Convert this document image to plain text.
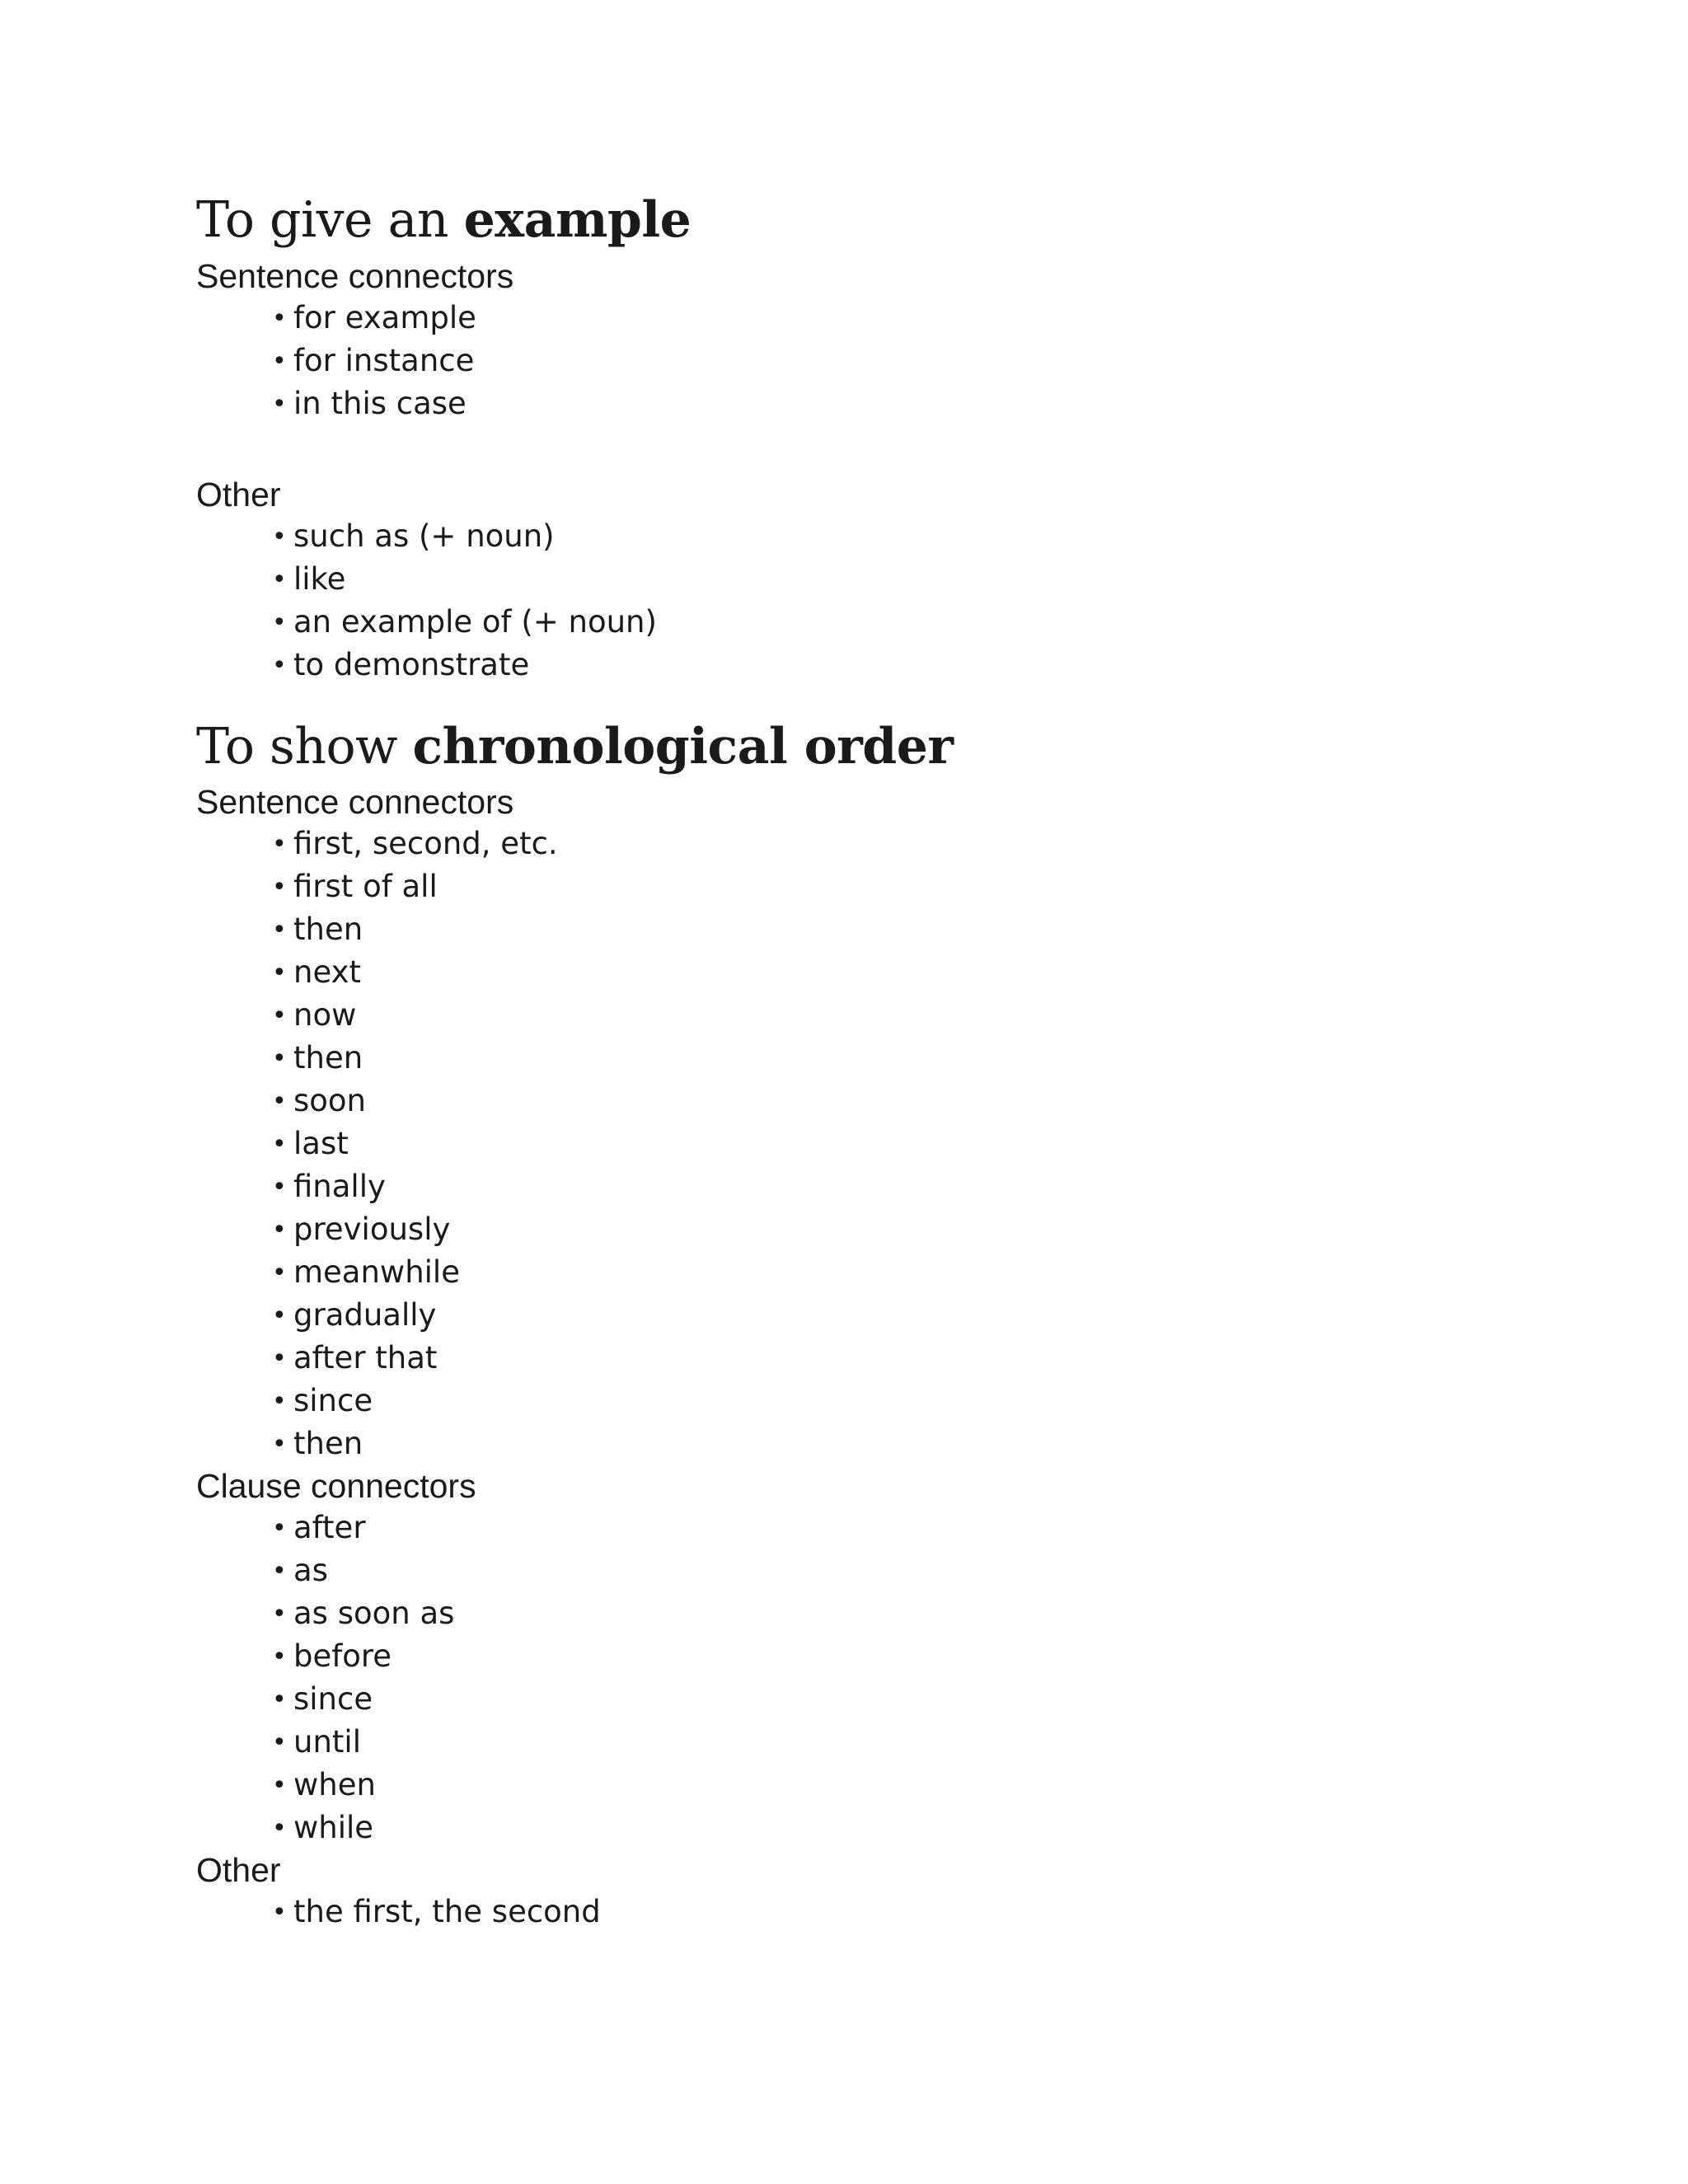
To give an example

Sentence connectors

• for example
• for instance
• in this case

Other

• such as (+ noun)
• like
• an example of (+ noun)
• to demonstrate
To show chronological order

Sentence connectors

• first, second, etc.
• first of all
• then
• next
• now
• then
• soon
• last
• finally
• previously
• meanwhile
• gradually
• after that
• since
• then

Clause connectors

• after
• as
• as soon as
• before
• since
• until
• when
• while

Other

• the first, the second
